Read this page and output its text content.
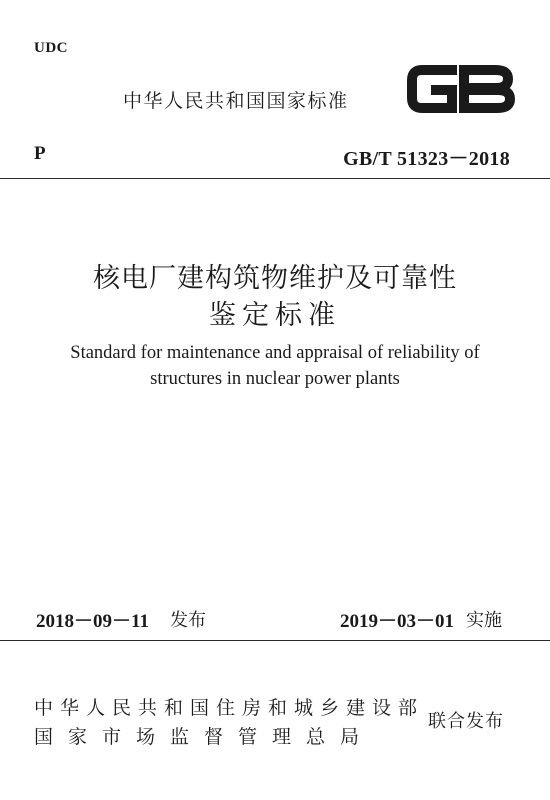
UDC
中华人民共和国国家标准
P	GB/T 51323－2018
核电厂建构筑物维护及可靠性
鉴定标准
Standard for maintenance and appraisal of reliability of
structures in nuclear power plants
2018－09－11 发布	2019－03－01 实施
中华人民共和国住房和城乡建设部
国家市场监督管理总局
联合发布
